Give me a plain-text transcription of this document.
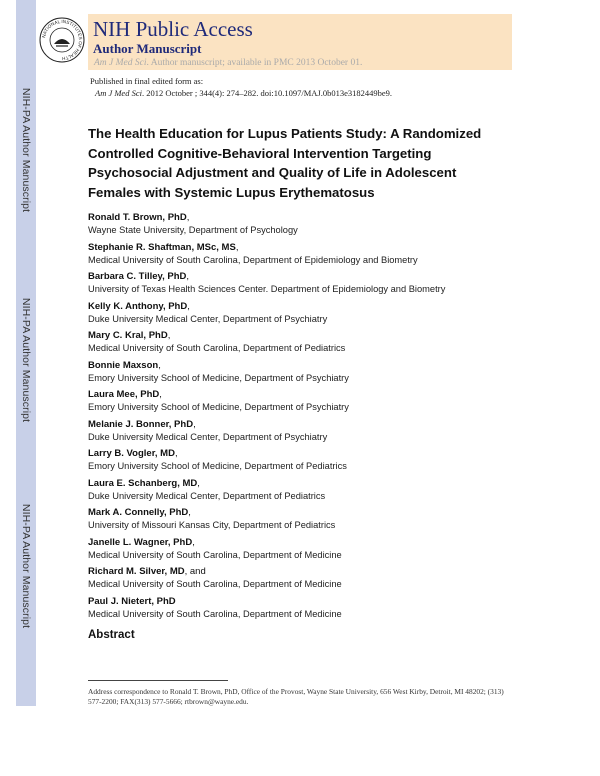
NIH-PA Author Manuscript
NIH-PA Author Manuscript
NIH-PA Author Manuscript
NATIONAL INSTITUTES OF HEALTH
NIH Public Access
Author Manuscript
Am J Med Sci. Author manuscript; available in PMC 2013 October 01.
Published in final edited form as:
Am J Med Sci. 2012 October ; 344(4): 274–282. doi:10.1097/MAJ.0b013e3182449be9.
The Health Education for Lupus Patients Study: A Randomized Controlled Cognitive-Behavioral Intervention Targeting Psychosocial Adjustment and Quality of Life in Adolescent Females with Systemic Lupus Erythematosus
Ronald T. Brown, PhD,
Wayne State University, Department of Psychology
Stephanie R. Shaftman, MSc, MS,
Medical University of South Carolina, Department of Epidemiology and Biometry
Barbara C. Tilley, PhD,
University of Texas Health Sciences Center. Department of Epidemiology and Biometry
Kelly K. Anthony, PhD,
Duke University Medical Center, Department of Psychiatry
Mary C. Kral, PhD,
Medical University of South Carolina, Department of Pediatrics
Bonnie Maxson,
Emory University School of Medicine, Department of Psychiatry
Laura Mee, PhD,
Emory University School of Medicine, Department of Psychiatry
Melanie J. Bonner, PhD,
Duke University Medical Center, Department of Psychiatry
Larry B. Vogler, MD,
Emory University School of Medicine, Department of Pediatrics
Laura E. Schanberg, MD,
Duke University Medical Center, Department of Pediatrics
Mark A. Connelly, PhD,
University of Missouri Kansas City, Department of Pediatrics
Janelle L. Wagner, PhD,
Medical University of South Carolina, Department of Medicine
Richard M. Silver, MD, and
Medical University of South Carolina, Department of Medicine
Paul J. Nietert, PhD
Medical University of South Carolina, Department of Medicine
Abstract
Address correspondence to Ronald T. Brown, PhD, Office of the Provost, Wayne State University, 656 West Kirby, Detroit, MI 48202; (313) 577-2200; FAX(313) 577-5666; rtbrown@wayne.edu.
